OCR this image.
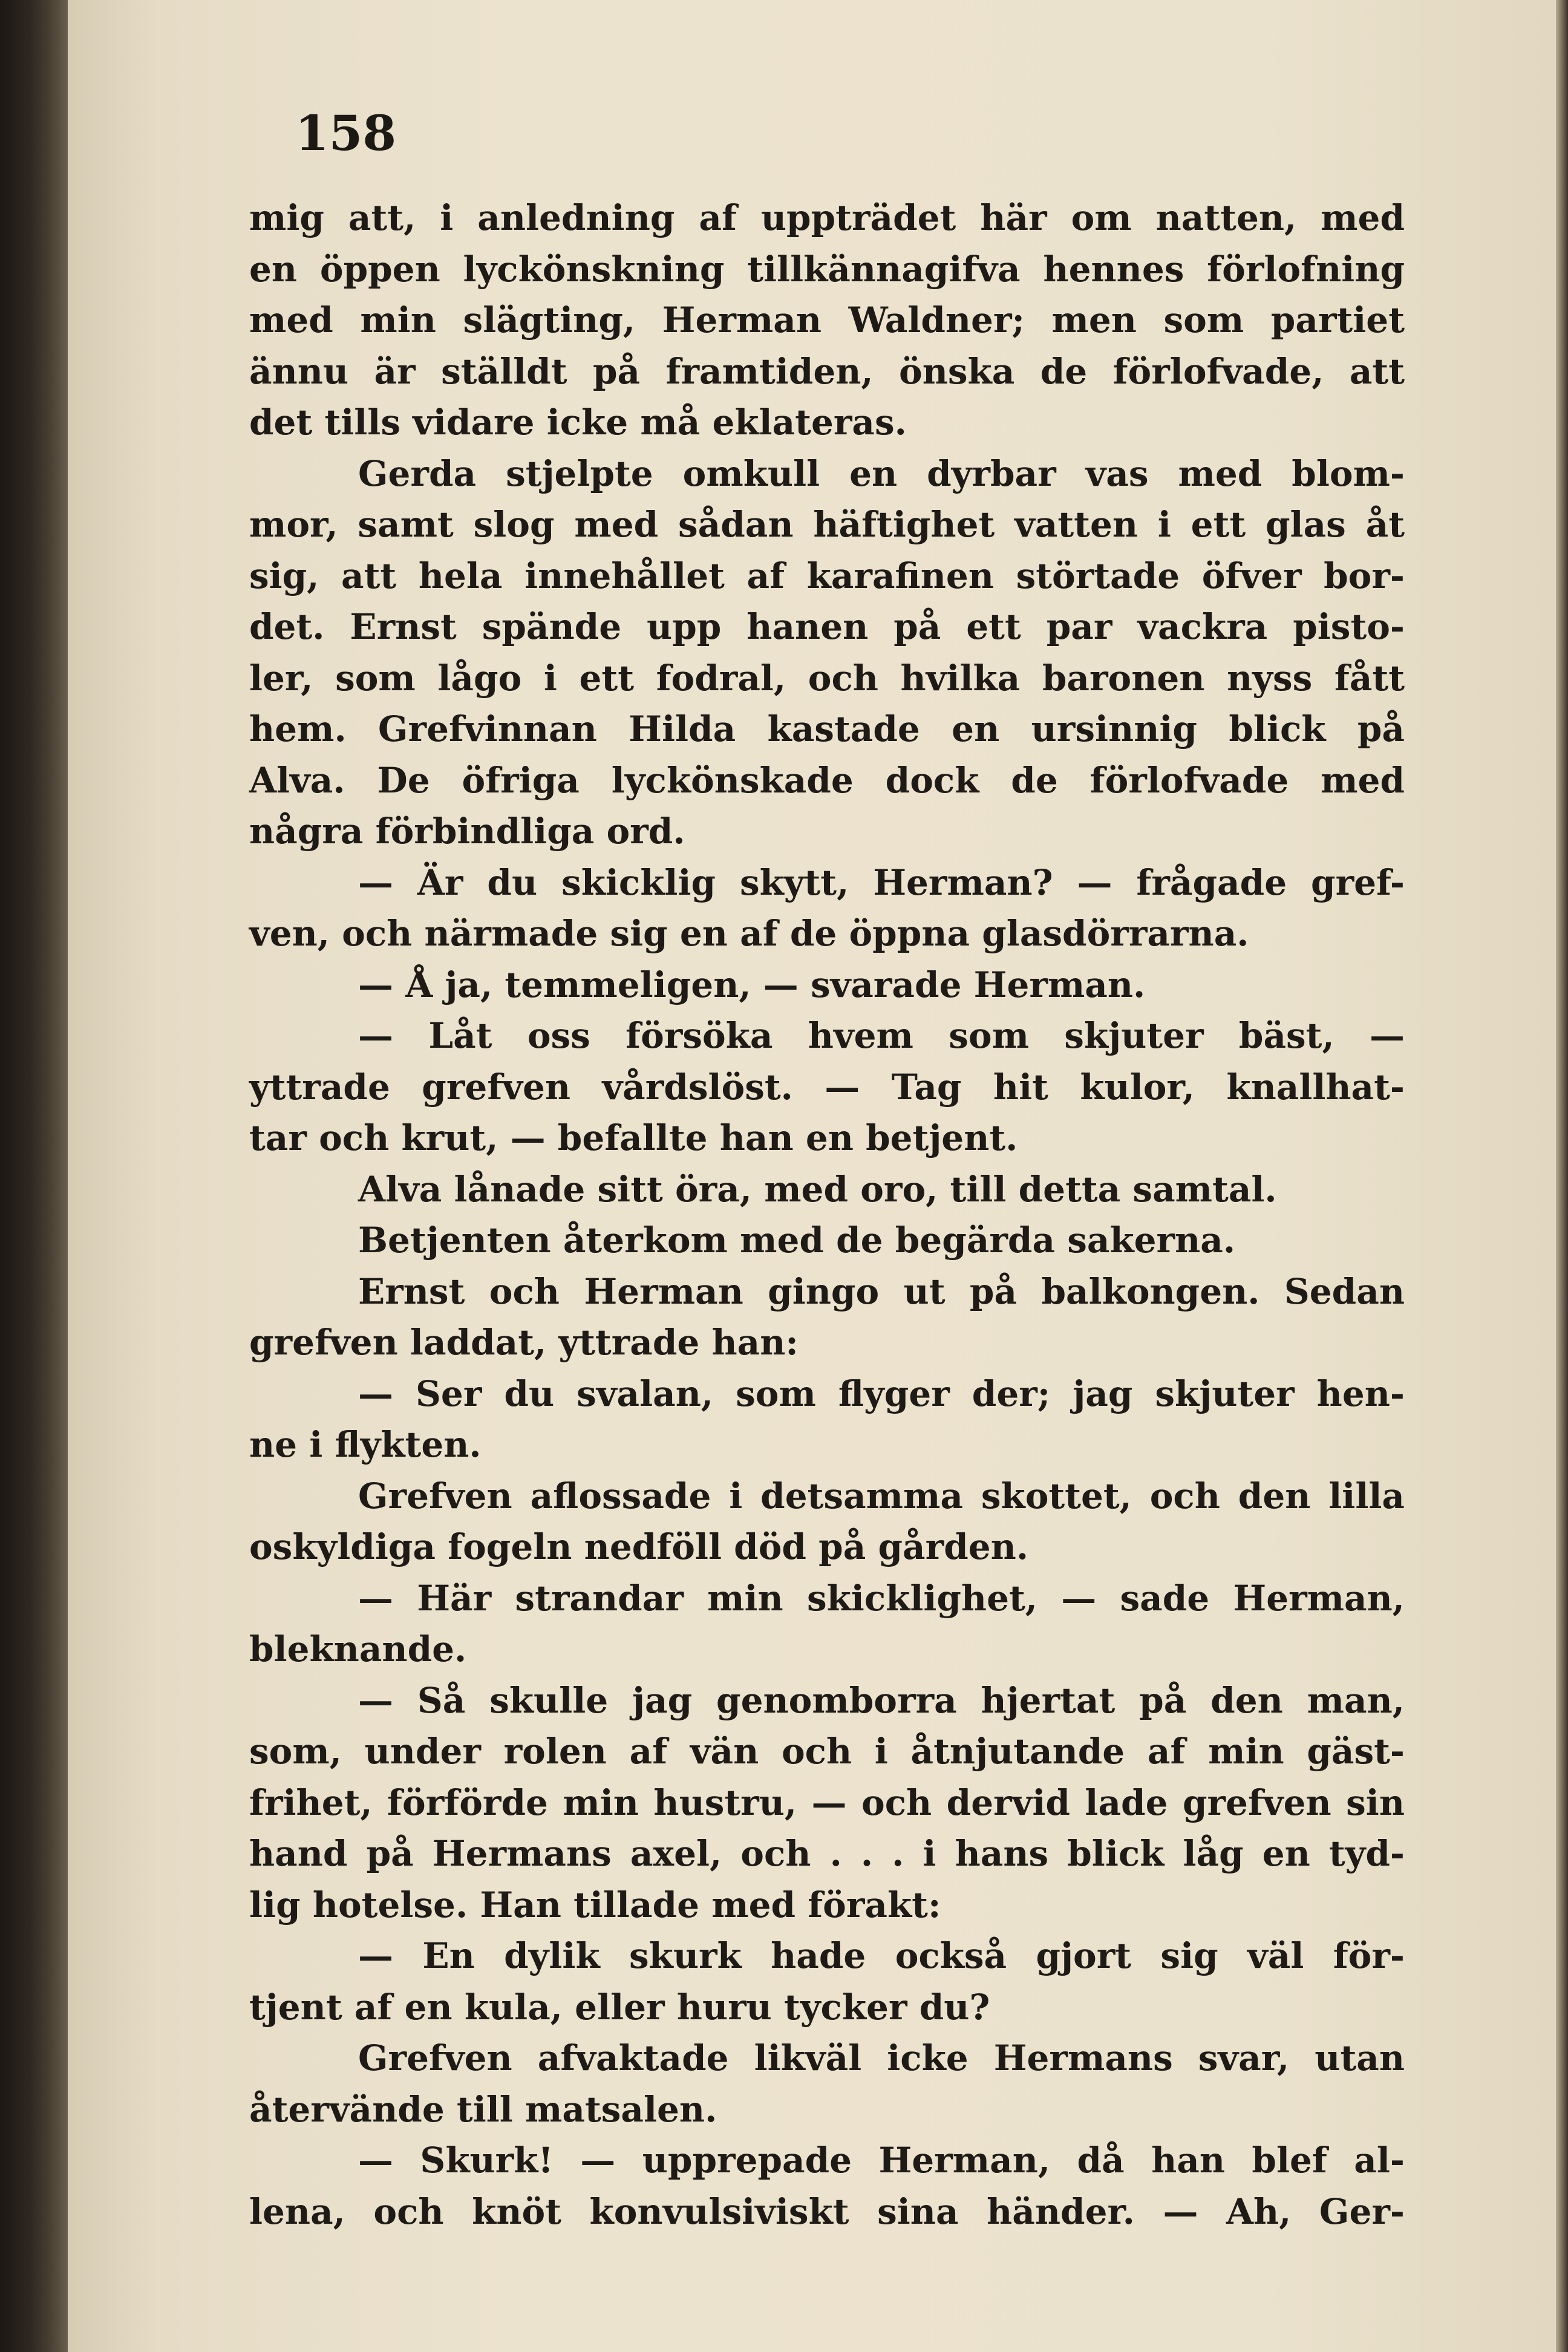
158
mig att, i anledning af uppträdet här om natten, med
en öppen lyckönskning tillkännagifva hennes förlofning
med min slägting, Herman Waldner; men som partiet
ännu är ställdt på framtiden, önska de förlofvade, att
det tills vidare icke må eklateras.
Gerda stjelpte omkull en dyrbar vas med blom-
mor, samt slog med sådan häftighet vatten i ett glas åt
sig, att hela innehållet af karafinen störtade öfver bor-
det. Ernst spände upp hanen på ett par vackra pisto-
ler, som lågo i ett fodral, och hvilka baronen nyss fått
hem. Grefvinnan Hilda kastade en ursinnig blick på
Alva. De öfriga lyckönskade dock de förlofvade med
några förbindliga ord.
— Är du skicklig skytt, Herman? — frågade gref-
ven, och närmade sig en af de öppna glasdörrarna.
— Å ja, temmeligen, — svarade Herman.
— Låt oss försöka hvem som skjuter bäst, —
yttrade grefven vårdslöst. — Tag hit kulor, knallhat-
tar och krut, — befallte han en betjent.
Alva lånade sitt öra, med oro, till detta samtal.
Betjenten återkom med de begärda sakerna.
Ernst och Herman gingo ut på balkongen. Sedan
grefven laddat, yttrade han:
— Ser du svalan, som flyger der; jag skjuter hen-
ne i flykten.
Grefven aflossade i detsamma skottet, och den lilla
oskyldiga fogeln nedföll död på gården.
— Här strandar min skicklighet, — sade Herman,
bleknande.
— Så skulle jag genomborra hjertat på den man,
som, under rolen af vän och i åtnjutande af min gäst-
frihet, förförde min hustru, — och dervid lade grefven sin
hand på Hermans axel, och . . . i hans blick låg en tyd-
lig hotelse. Han tillade med förakt:
— En dylik skurk hade också gjort sig väl för-
tjent af en kula, eller huru tycker du?
Grefven afvaktade likväl icke Hermans svar, utan
återvände till matsalen.
— Skurk! — upprepade Herman, då han blef al-
lena, och knöt konvulsiviskt sina händer. — Ah, Ger-
